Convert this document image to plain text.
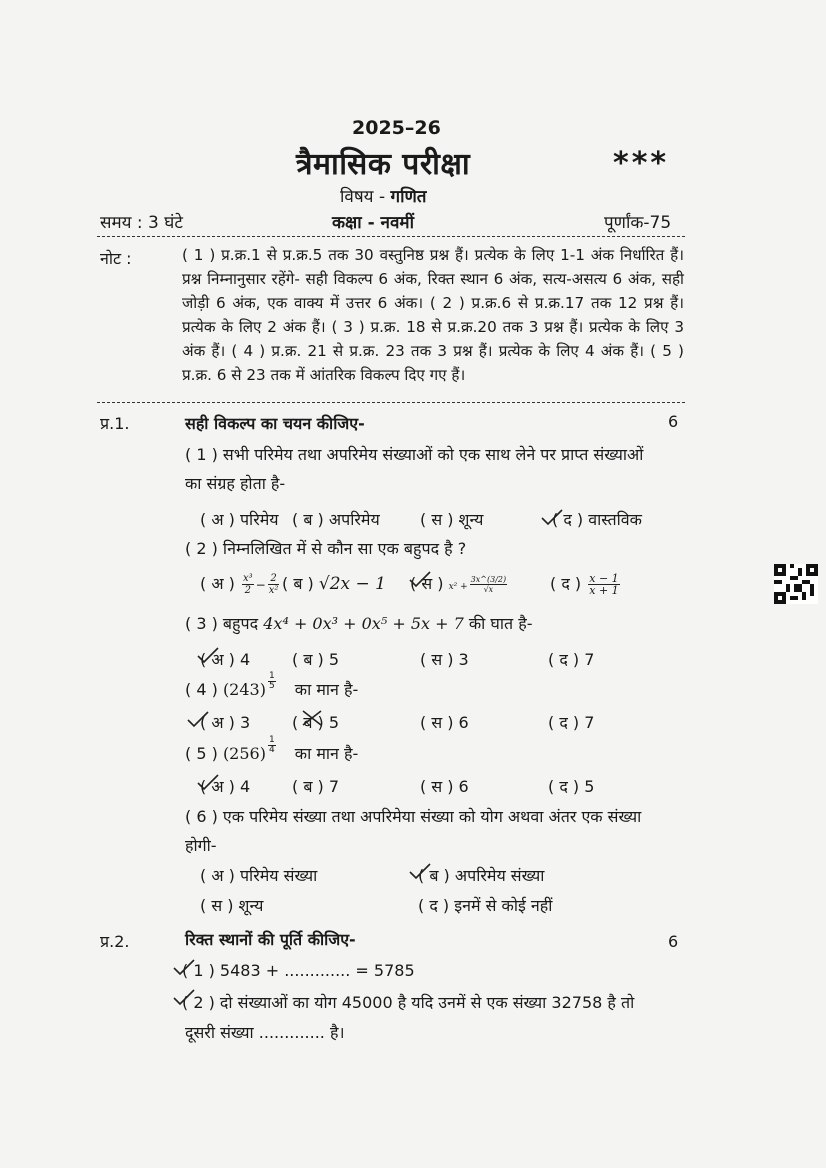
2025–26
त्रैमासिक परीक्षा	***
विषय - गणित
समय : 3 घंटे	कक्षा - नवमीं	पूर्णांक-75
नोट :	( 1 ) प्र.क्र.1 से प्र.क्र.5 तक 30 वस्तुनिष्ठ प्रश्न हैं। प्रत्येक के लिए 1-1 अंक निर्धारित हैं। प्रश्न निम्नानुसार रहेंगे- सही विकल्प 6 अंक, रिक्त स्थान 6 अंक, सत्य-असत्य 6 अंक, सही जोड़ी 6 अंक, एक वाक्य में उत्तर 6 अंक। ( 2 ) प्र.क्र.6 से प्र.क्र.17 तक 12 प्रश्न हैं। प्रत्येक के लिए 2 अंक हैं। ( 3 ) प्र.क्र. 18 से प्र.क्र.20 तक 3 प्रश्न हैं। प्रत्येक के लिए 3 अंक हैं। ( 4 ) प्र.क्र. 21 से प्र.क्र. 23 तक 3 प्रश्न हैं। प्रत्येक के लिए 4 अंक हैं। ( 5 ) प्र.क्र. 6 से 23 तक में आंतरिक विकल्प दिए गए हैं।
प्र.1.	सही विकल्प का चयन कीजिए-	6
( 1 ) सभी परिमेय तथा अपरिमेय संख्याओं को एक साथ लेने पर प्राप्त संख्याओं
का संग्रह होता है-
( अ ) परिमेय ( ब ) अपरिमेय	( स ) शून्य	( द ) वास्तविक
( 2 ) निम्नलिखित में से कौन सा एक बहुपद है ?
( अ ) $\frac{\text{x³}}{2} - \frac{2}{\text{x²}}$ ( ब ) √2x − 1 ( स ) $x^2 + \frac{3x\^{}(3/2)}{√x}$	( द ) $\frac{x - 1}{x + 1}$
( 3 ) बहुपद 4x⁴ + 0x³ + 0x⁵ + 5x + 7 की घात है-
( अ ) 4	( ब ) 5	( स ) 3	( द ) 7
( 4 ) $(243) \frac{1}{5}$ का मान है-
( अ ) 3	( ब ) 5	( स ) 6	( द ) 7
( 5 ) $(256) \frac{1}{4}$ का मान है-
( अ ) 4	( ब ) 7	( स ) 6	( द ) 5
( 6 ) एक परिमेय संख्या तथा अपरिमेया संख्या को योग अथवा अंतर एक संख्या
होगी-
( अ ) परिमेय संख्या	( ब ) अपरिमेय संख्या
( स ) शून्य	( द ) इनमें से कोई नहीं
प्र.2.	रिक्त स्थानों की पूर्ति कीजिए-	6
( 1 ) 5483 + ............. = 5785
( 2 ) दो संख्याओं का योग 45000 है यदि उनमें से एक संख्या 32758 है तो
दूसरी संख्या ............. है।
